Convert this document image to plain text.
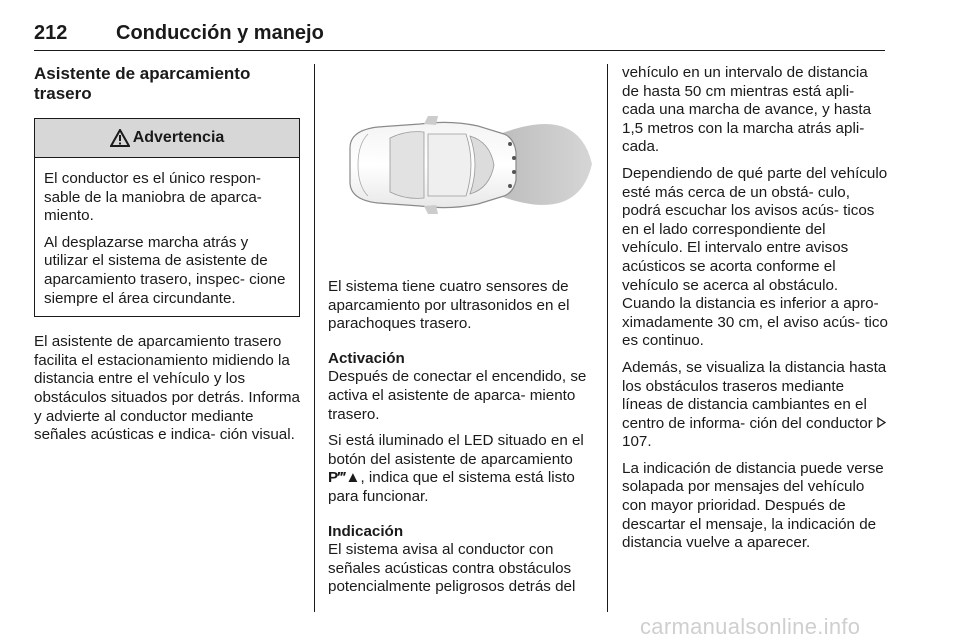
212 Conducción y manejo

Asistente de aparcamiento trasero

Advertencia

El conductor es el único respon- sable de la maniobra de aparca- miento.

Al desplazarse marcha atrás y utilizar el sistema de asistente de aparcamiento trasero, inspec- cione siempre el área circundante.

El asistente de aparcamiento trasero facilita el estacionamiento midiendo la distancia entre el vehículo y los obstáculos situados por detrás. Informa y advierte al conductor mediante señales acústicas e indica- ción visual.

El sistema tiene cuatro sensores de aparcamiento por ultrasonidos en el parachoques trasero.

Activación

Después de conectar el encendido, se activa el asistente de aparca- miento trasero.

Si está iluminado el LED situado en el botón del asistente de aparcamiento P‴▲, indica que el sistema está listo para funcionar.

Indicación

El sistema avisa al conductor con señales acústicas contra obstáculos potencialmente peligrosos detrás del

vehículo en un intervalo de distancia de hasta 50 cm mientras está apli- cada una marcha de avance, y hasta 1,5 metros con la marcha atrás apli- cada.

Dependiendo de qué parte del vehículo esté más cerca de un obstá- culo, podrá escuchar los avisos acús- ticos en el lado correspondiente del vehículo. El intervalo entre avisos acústicos se acorta conforme el vehículo se acerca al obstáculo. Cuando la distancia es inferior a apro- ximadamente 30 cm, el aviso acús- tico es continuo.

Además, se visualiza la distancia hasta los obstáculos traseros mediante líneas de distancia cambiantes en el centro de informa- ción del conductor  107.

La indicación de distancia puede verse solapada por mensajes del vehículo con mayor prioridad. Después de descartar el mensaje, la indicación de distancia vuelve a aparecer.

carmanualsonline.info
